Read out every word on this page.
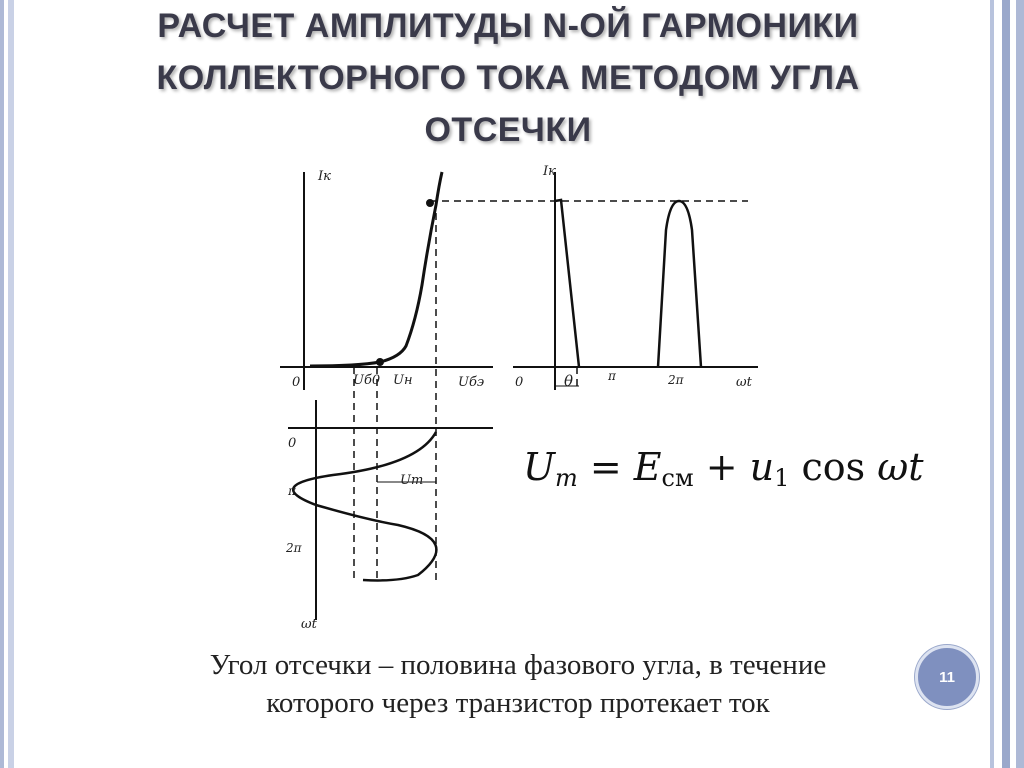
РАСЧЕТ АМПЛИТУДЫ N-ОЙ ГАРМОНИКИ
КОЛЛЕКТОРНОГО ТОКА МЕТОДОМ УГЛА
ОТСЕЧКИ
Iк	Iк
0	Uб0 Uн	Uбэ 0	θ	π	2π	ωt
0
π
2π
Um
ωt
$U_m = E_{см} + u_1$ cos ωt
Угол отсечки – половина фазового угла, в течение
которого через транзистор протекает ток
11
